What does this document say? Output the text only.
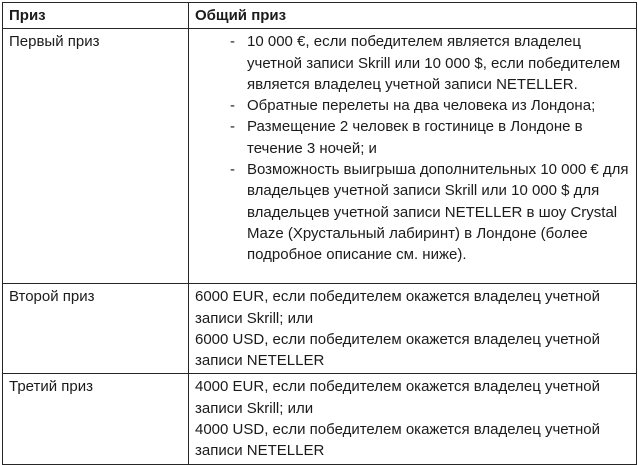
Приз	Общий приз
Первый приз	- 10 000 €, если победителем является владелец учетной записи Skrill или 10 000 $, если победителем является владелец учетной записи NETELLER.
- Обратные перелеты на два человека из Лондона;
- Размещение 2 человек в гостинице в Лондоне в течение 3 ночей; и
- Возможность выигрыша дополнительных 10 000 € для владельцев учетной записи Skrill или 10 000 $ для владельцев учетной записи NETELLER в шоу Crystal Maze (Хрустальный лабиринт) в Лондоне (более подробное описание см. ниже).

Второй приз	6000 EUR, если победителем окажется владелец учетной записи Skrill; или

6000 USD, если победителем окажется владелец учетной записи NETELLER

Третий приз	4000 EUR, если победителем окажется владелец учетной записи Skrill; или

4000 USD, если победителем окажется владелец учетной записи NETELLER
